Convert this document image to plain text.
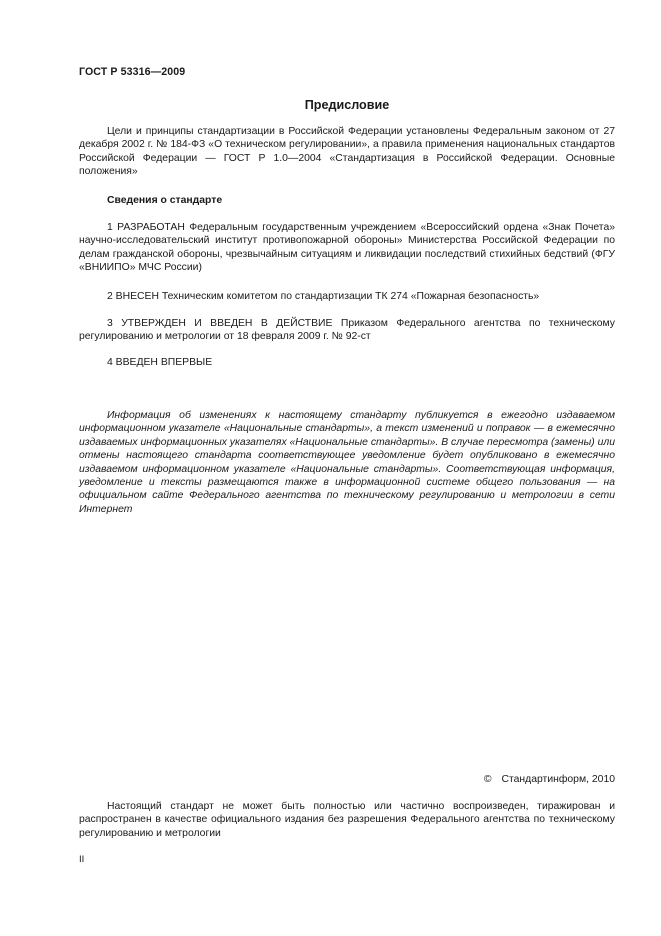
ГОСТ Р 53316—2009
Предисловие

Цели и принципы стандартизации в Российской Федерации установлены Федеральным законом от 27 декабря 2002 г. № 184-ФЗ «О техническом регулировании», а правила применения национальных стандартов Российской Федерации — ГОСТ Р 1.0—2004 «Стандартизация в Российской Федерации. Основные положения»

Сведения о стандарте

1 РАЗРАБОТАН Федеральным государственным учреждением «Всероссийский ордена «Знак Почета» научно-исследовательский институт противопожарной обороны» Министерства Российской Федерации по делам гражданской обороны, чрезвычайным ситуациям и ликвидации последствий стихийных бедствий (ФГУ «ВНИИПО» МЧС России)

2 ВНЕСЕН Техническим комитетом по стандартизации ТК 274 «Пожарная безопасность»

3 УТВЕРЖДЕН И ВВЕДЕН В ДЕЙСТВИЕ Приказом Федерального агентства по техническому регулированию и метрологии от 18 февраля 2009 г. № 92-ст

4 ВВЕДЕН ВПЕРВЫЕ

Информация об изменениях к настоящему стандарту публикуется в ежегодно издаваемом информационном указателе «Национальные стандарты», а текст изменений и поправок — в ежемесячно издаваемых информационных указателях «Национальные стандарты». В случае пересмотра (замены) или отмены настоящего стандарта соответствующее уведомление будет опубликовано в ежемесячно издаваемом информационном указателе «Национальные стандарты». Соответствующая информация, уведомление и тексты размещаются также в информационной системе общего пользования — на официальном сайте Федерального агентства по техническому регулированию и метрологии в сети Интернет

© Стандартинформ, 2010

Настоящий стандарт не может быть полностью или частично воспроизведен, тиражирован и распространен в качестве официального издания без разрешения Федерального агентства по техническому регулированию и метрологии

II
